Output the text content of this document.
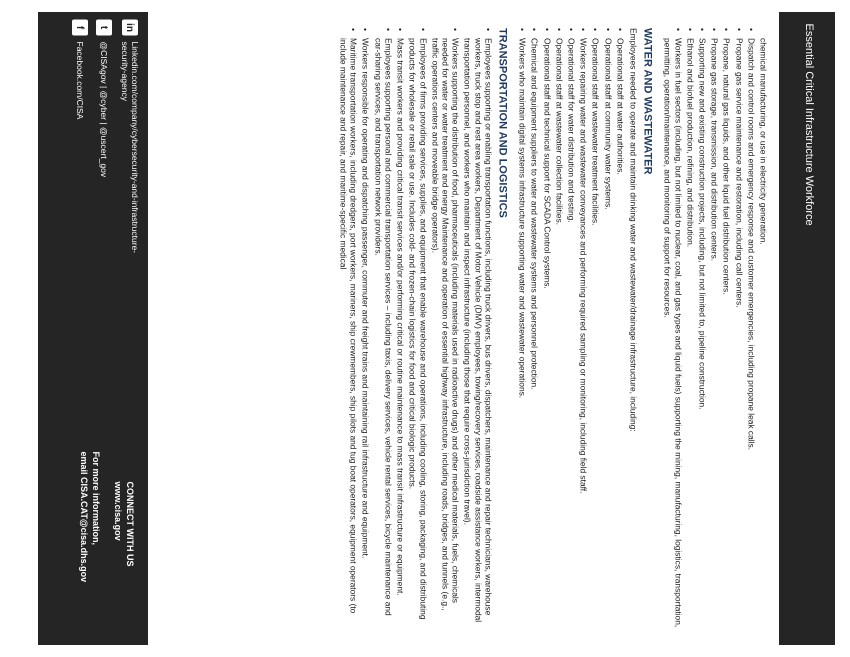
in
Linkedin.com/company/cybersecurity-and-infrastructure-security-agency
t
@CISAgov | @cyber | @uscert_gov
f
Facebook.com/CISA
CONNECT WITH US
www.cisa.gov
For more information,
email CISA.CAT@cisa.dhs.gov
chemical manufacturing, or use in electricity generation.
• Dispatch and control rooms and emergency response and customer emergencies, including propane leak calls.
• Propane gas service maintenance and restoration, including call centers.
• Propane, natural gas liquids, and other liquid fuel distribution centers.
• Propane gas storage, transmission, and distribution centers.
• Supporting new and existing construction projects, including, but not limited to, pipeline construction.
• Ethanol and biofuel production, refining, and distribution.
• Workers in fuel sectors (including, but not limited to nuclear, coal, and gas types and liquid fuels) supporting the mining, manufacturing, logistics, transportation, permitting, operation/maintenance, and monitoring of support for resources.
WATER AND WASTEWATER
Employees needed to operate and maintain drinking water and wastewater/drainage infrastructure, including:
• Operational staff at water authorities.
• Operational staff at community water systems.
• Operational staff at wastewater treatment facilities.
• Workers repairing water and wastewater conveyances and performing required sampling or monitoring, including field staff.
• Operational staff for water distribution and testing.
• Operational staff at wastewater collection facilities.
• Operational staff and technical support for SCADA Control systems.
• Chemical and equipment suppliers to water and wastewater systems and personnel protection.
• Workers who maintain digital systems infrastructure supporting water and wastewater operations.
TRANSPORTATION AND LOGISTICS
• Employees supporting or enabling transportation functions, including truck drivers, bus drivers, dispatchers, maintenance and repair technicians, warehouse workers, truck stop and rest area workers, Department of Motor Vehicle (DMV) employees, towing/recovery services, roadside assistance workers, intermodal transportation personnel, and workers who maintain and inspect infrastructure (including those that require cross-jurisdiction travel).
• Workers supporting the distribution of food, pharmaceuticals (including materials used in radioactive drugs) and other medical materials, fuels, chemicals needed for water or water treatment and energy Maintenance and operation of essential highway infrastructure, including roads, bridges, and tunnels (e.g., traffic operations centers and moveable bridge operators).
• Employees of firms providing services, supplies, and equipment that enable warehouse and operations, including cooling, storing, packaging, and distributing products for wholesale or retail sale or use. Includes cold- and frozen-chain logistics for food and critical biologic products.
• Mass transit workers and providing critical transit services and/or performing critical or routine maintenance to mass transit infrastructure or equipment.
• Employees supporting personal and commercial transportation services – including taxis, delivery services, vehicle rental services, bicycle maintenance and car-sharing services, and transportation network providers.
• Workers responsible for operating and dispatching passenger, commuter and freight trains and maintaining rail infrastructure and equipment.
• Maritime transportation workers, including dredgers, port workers, mariners, ship crewmembers, ship pilots and tug boat operators, equipment operators (to include maintenance and repair, and maritime-specific medical	Essential Critical Infrastructure Workforce
